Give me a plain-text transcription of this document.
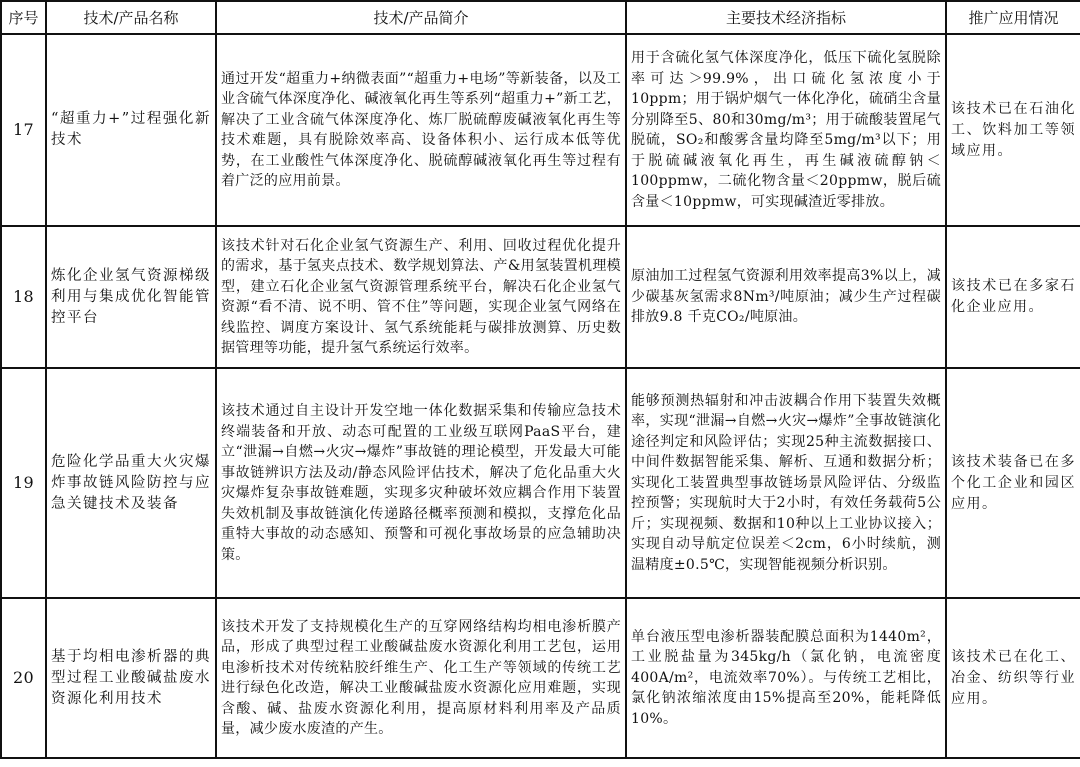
序号	技术/产品名称	技术/产品简介	主要技术经济指标	推广应用情况
17	“超重力+”过程强化新技术	通过开发“超重力+纳微表面”“超重力+电场”等新装备，以及工业含硫气体深度净化、碱液氧化再生等系列“超重力+”新工艺，解决了工业含硫气体深度净化、炼厂脱硫醇废碱液氧化再生等技术难题，具有脱除效率高、设备体积小、运行成本低等优势，在工业酸性气体深度净化、脱硫醇碱液氧化再生等过程有着广泛的应用前景。	用于含硫化氢气体深度净化，低压下硫化氢脱除率可达＞99.9%，出口硫化氢浓度小于10ppm；用于锅炉烟气一体化净化，硫硝尘含量分别降至5、80和30mg/m³；用于硫酸装置尾气脱硫，SO₂和酸雾含量均降至5mg/m³以下；用于脱硫碱液氧化再生，再生碱液硫醇钠＜100ppmw，二硫化物含量＜20ppmw，脱后硫含量＜10ppmw，可实现碱渣近零排放。	该技术已在石油化工、饮料加工等领域应用。
18	炼化企业氢气资源梯级利用与集成优化智能管控平台	该技术针对石化企业氢气资源生产、利用、回收过程优化提升的需求，基于氢夹点技术、数学规划算法、产&用氢装置机理模型，建立石化企业氢气资源管理系统平台，解决石化企业氢气资源“看不清、说不明、管不住”等问题，实现企业氢气网络在线监控、调度方案设计、氢气系统能耗与碳排放测算、历史数据管理等功能，提升氢气系统运行效率。	原油加工过程氢气资源利用效率提高3%以上，减少碳基灰氢需求8Nm³/吨原油；减少生产过程碳排放9.8 千克CO₂/吨原油。	该技术已在多家石化企业应用。
19	危险化学品重大火灾爆炸事故链风险防控与应急关键技术及装备	该技术通过自主设计开发空地一体化数据采集和传输应急技术终端装备和开放、动态可配置的工业级互联网PaaS平台，建立“泄漏→自燃→火灾→爆炸”事故链的理论模型，开发最大可能事故链辨识方法及动/静态风险评估技术，解决了危化品重大火灾爆炸复杂事故链难题，实现多灾种破坏效应耦合作用下装置失效机制及事故链演化传递路径概率预测和模拟，支撑危化品重特大事故的动态感知、预警和可视化事故场景的应急辅助决策。	能够预测热辐射和冲击波耦合作用下装置失效概率，实现“泄漏→自燃→火灾→爆炸”全事故链演化途径判定和风险评估；实现25种主流数据接口、中间件数据智能采集、解析、互通和数据分析；实现化工装置典型事故链场景风险评估、分级监控预警；实现航时大于2小时，有效任务载荷5公斤；实现视频、数据和10种以上工业协议接入；实现自动导航定位误差＜2cm，6小时续航，测温精度±0.5℃，实现智能视频分析识别。	该技术装备已在多个化工企业和园区应用。
20	基于均相电渗析器的典型过程工业酸碱盐废水资源化利用技术	该技术开发了支持规模化生产的互穿网络结构均相电渗析膜产品，形成了典型过程工业酸碱盐废水资源化利用工艺包，运用电渗析技术对传统粘胶纤维生产、化工生产等领域的传统工艺进行绿色化改造，解决工业酸碱盐废水资源化应用难题，实现含酸、碱、盐废水资源化利用，提高原材料利用率及产品质量，减少废水废渣的产生。	单台液压型电渗析器装配膜总面积为1440m²，工业脱盐量为345kg/h（氯化钠，电流密度400A/m²，电流效率70%）。与传统工艺相比，氯化钠浓缩浓度由15%提高至20%，能耗降低10%。	该技术已在化工、冶金、纺织等行业应用。
